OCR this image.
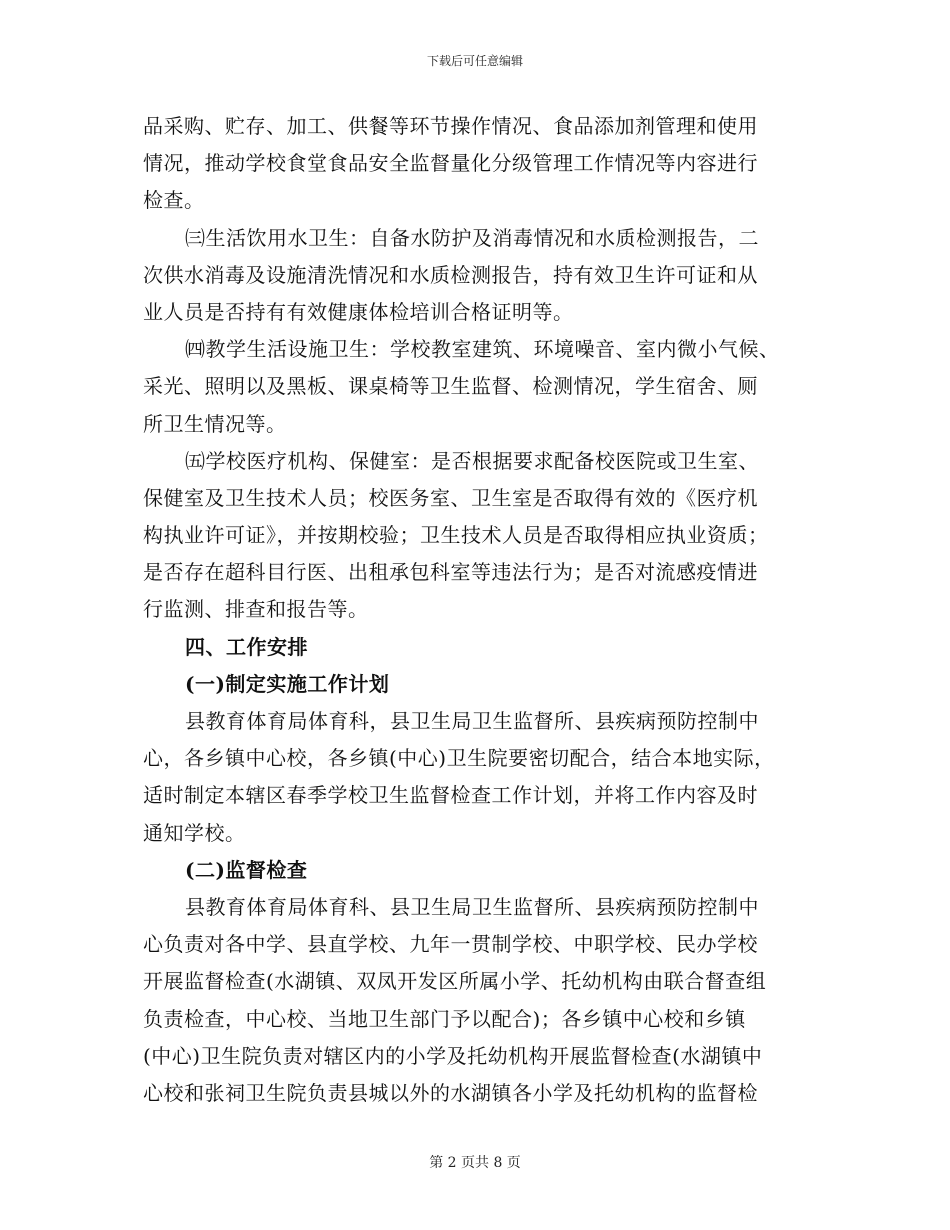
下载后可任意编辑
品采购、贮存、加工、供餐等环节操作情况、食品添加剂管理和使用
情况，推动学校食堂食品安全监督量化分级管理工作情况等内容进行
检查。
㈢生活饮用水卫生：自备水防护及消毒情况和水质检测报告，二
次供水消毒及设施清洗情况和水质检测报告，持有效卫生许可证和从
业人员是否持有有效健康体检培训合格证明等。
㈣教学生活设施卫生：学校教室建筑、环境噪音、室内微小气候、
采光、照明以及黑板、课桌椅等卫生监督、检测情况，学生宿舍、厕
所卫生情况等。
㈤学校医疗机构、保健室：是否根据要求配备校医院或卫生室、
保健室及卫生技术人员；校医务室、卫生室是否取得有效的《医疗机
构执业许可证》，并按期校验；卫生技术人员是否取得相应执业资质；
是否存在超科目行医、出租承包科室等违法行为；是否对流感疫情进
行监测、排查和报告等。
四、工作安排
(一)制定实施工作计划
县教育体育局体育科，县卫生局卫生监督所、县疾病预防控制中
心，各乡镇中心校，各乡镇(中心)卫生院要密切配合，结合本地实际，
适时制定本辖区春季学校卫生监督检查工作计划，并将工作内容及时
通知学校。
(二)监督检查
县教育体育局体育科、县卫生局卫生监督所、县疾病预防控制中
心负责对各中学、县直学校、九年一贯制学校、中职学校、民办学校
开展监督检查(水湖镇、双凤开发区所属小学、托幼机构由联合督查组
负责检查，中心校、当地卫生部门予以配合)；各乡镇中心校和乡镇
(中心)卫生院负责对辖区内的小学及托幼机构开展监督检查(水湖镇中
心校和张祠卫生院负责县城以外的水湖镇各小学及托幼机构的监督检
第 2 页共 8 页
